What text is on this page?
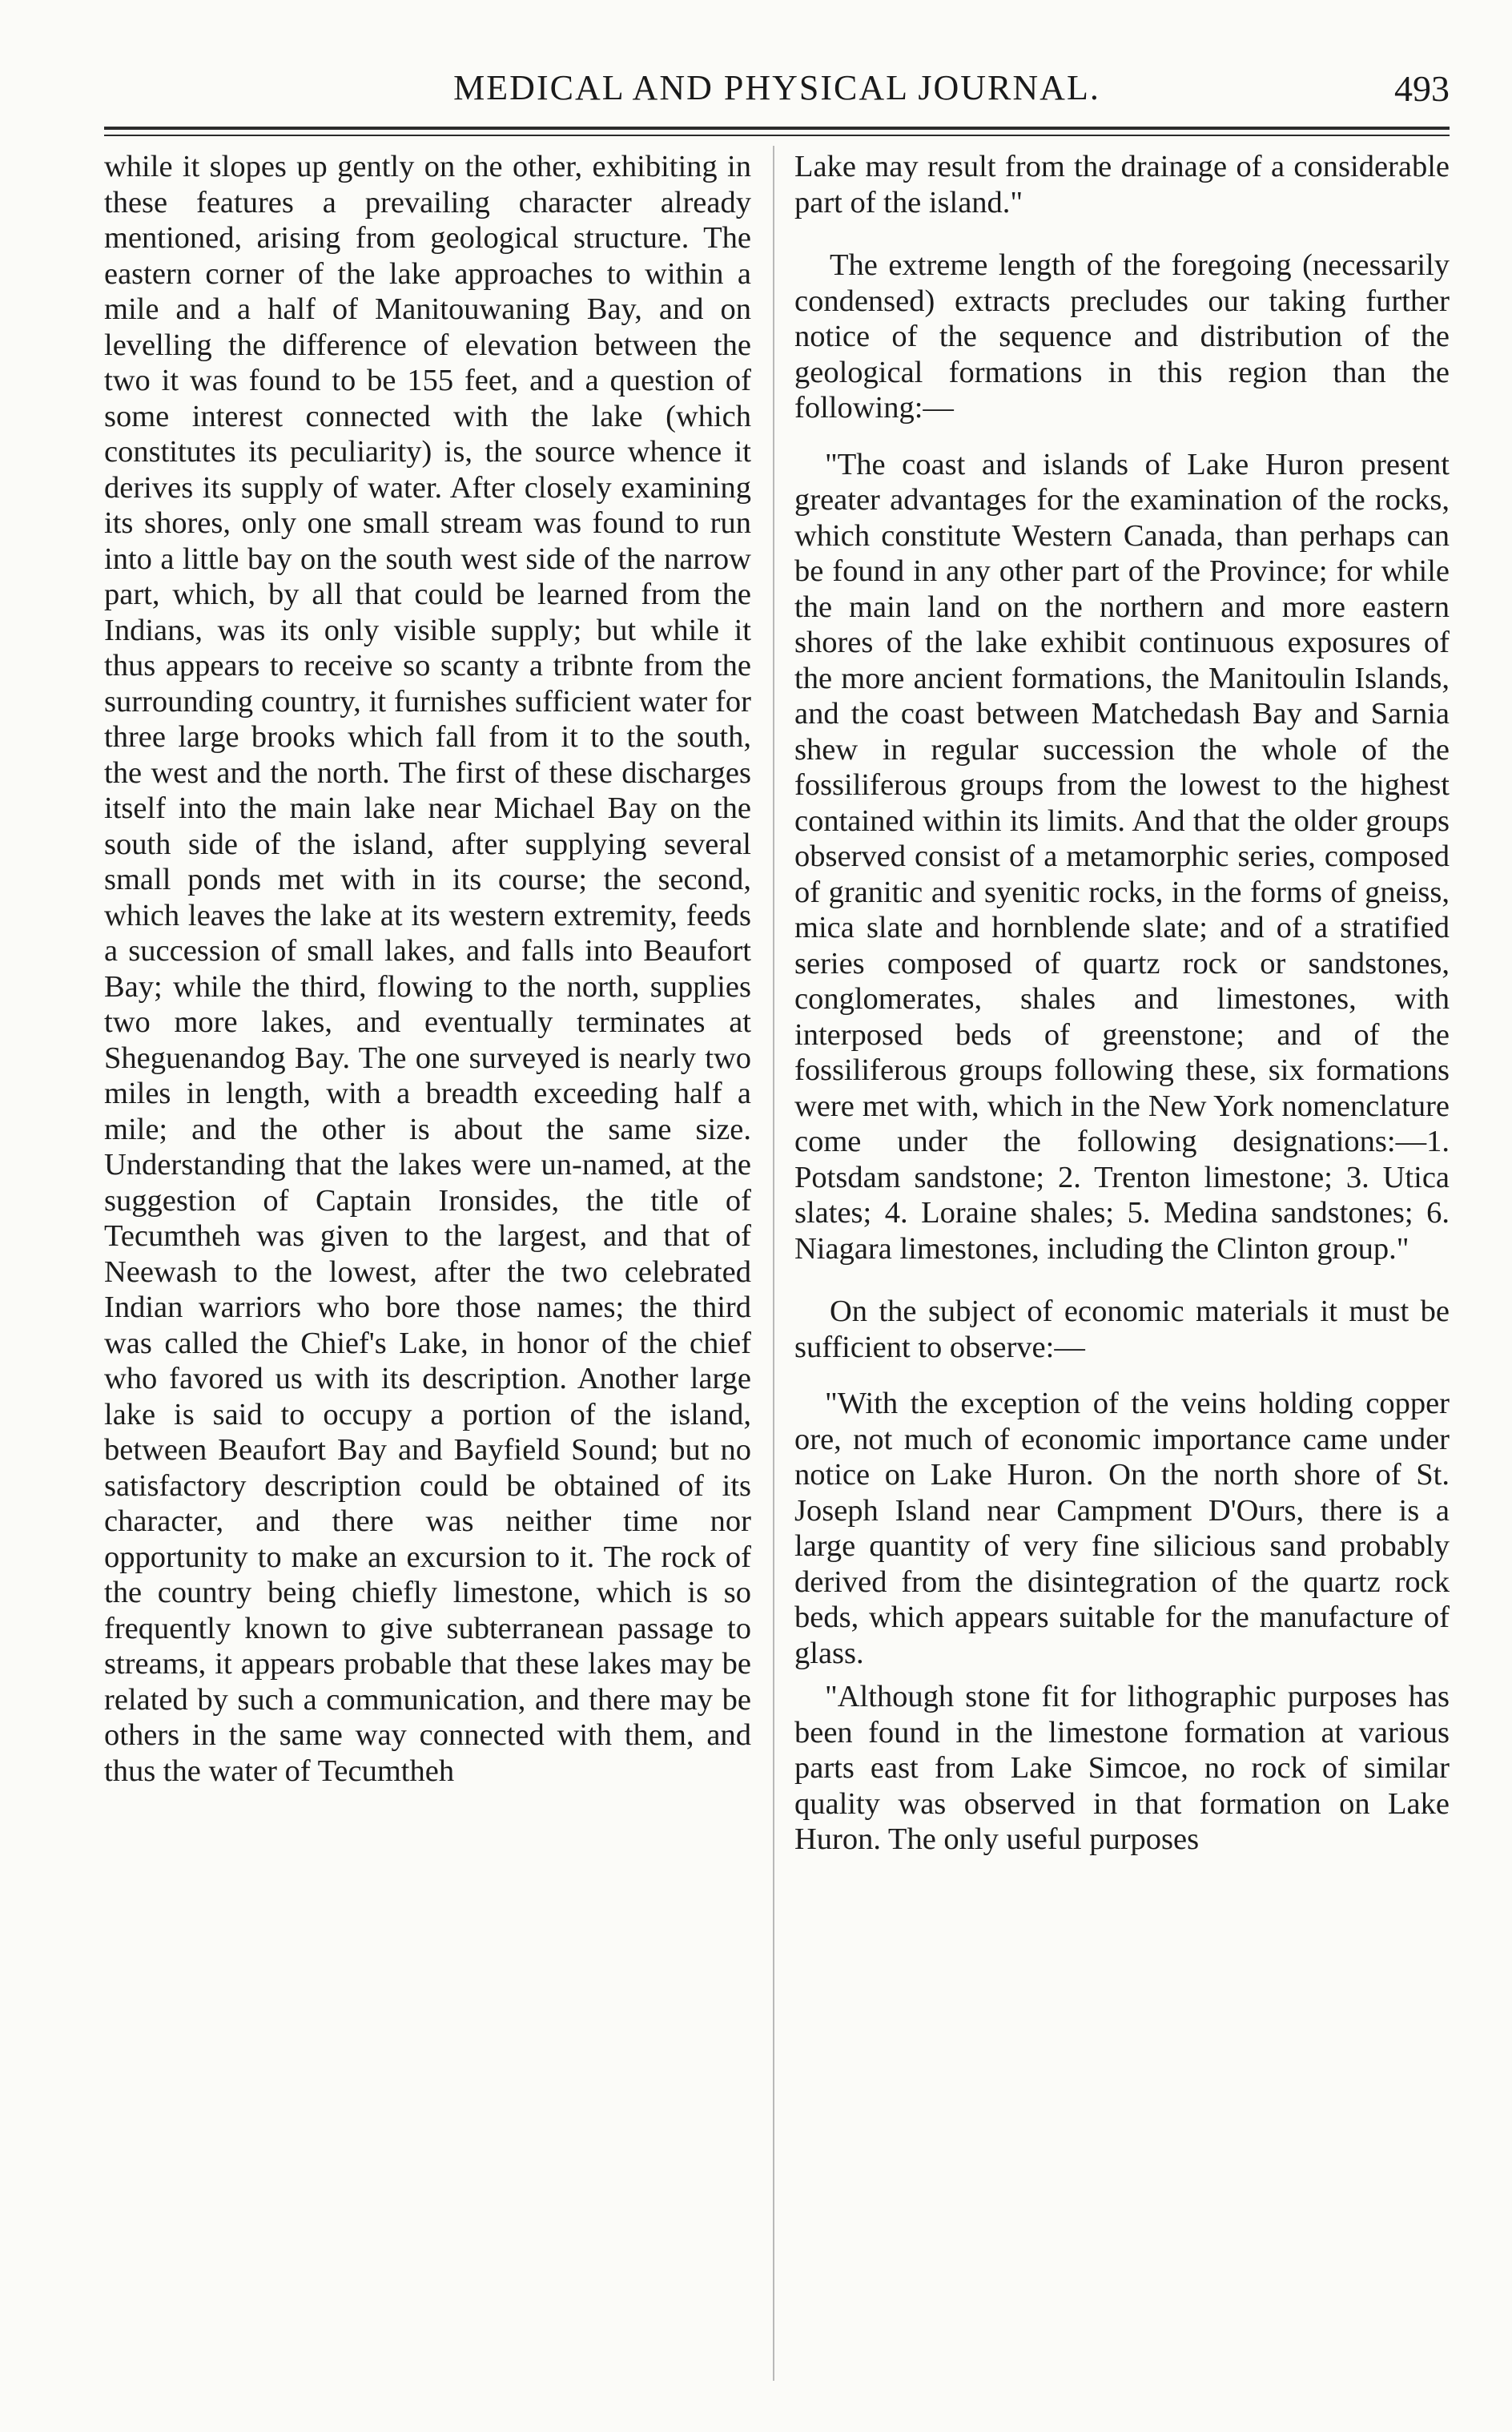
MEDICAL AND PHYSICAL JOURNAL.	493

while it slopes up gently on the other, exhibiting in these features a prevailing character already mentioned, arising from geological structure. The eastern corner of the lake approaches to within a mile and a half of Manitouwaning Bay, and on levelling the difference of elevation between the two it was found to be 155 feet, and a question of some interest connected with the lake (which constitutes its peculiarity) is, the source whence it derives its supply of water. After closely examining its shores, only one small stream was found to run into a little bay on the south west side of the narrow part, which, by all that could be learned from the Indians, was its only visible supply; but while it thus appears to receive so scanty a tribnte from the surrounding country, it furnishes sufficient water for three large brooks which fall from it to the south, the west and the north. The first of these discharges itself into the main lake near Michael Bay on the south side of the island, after supplying several small ponds met with in its course; the second, which leaves the lake at its western extremity, feeds a succession of small lakes, and falls into Beaufort Bay; while the third, flowing to the north, supplies two more lakes, and eventually terminates at Sheguenandog Bay. The one surveyed is nearly two miles in length, with a breadth exceeding half a mile; and the other is about the same size. Understanding that the lakes were un-named, at the suggestion of Captain Ironsides, the title of Tecumtheh was given to the largest, and that of Neewash to the lowest, after the two celebrated Indian warriors who bore those names; the third was called the Chief's Lake, in honor of the chief who favored us with its description. Another large lake is said to occupy a portion of the island, between Beaufort Bay and Bayfield Sound; but no satisfactory description could be obtained of its character, and there was neither time nor opportunity to make an excursion to it. The rock of the country being chiefly limestone, which is so frequently known to give subterranean passage to streams, it appears probable that these lakes may be related by such a communication, and there may be others in the same way connected with them, and thus the water of Tecumtheh

Lake may result from the drainage of a considerable part of the island."

The extreme length of the foregoing (necessarily condensed) extracts precludes our taking further notice of the sequence and distribution of the geological formations in this region than the following:—

"The coast and islands of Lake Huron present greater advantages for the examination of the rocks, which constitute Western Canada, than perhaps can be found in any other part of the Province; for while the main land on the northern and more eastern shores of the lake exhibit continuous exposures of the more ancient formations, the Manitoulin Islands, and the coast between Matchedash Bay and Sarnia shew in regular succession the whole of the fossiliferous groups from the lowest to the highest contained within its limits. And that the older groups observed consist of a metamorphic series, composed of granitic and syenitic rocks, in the forms of gneiss, mica slate and hornblende slate; and of a stratified series composed of quartz rock or sandstones, conglomerates, shales and limestones, with interposed beds of greenstone; and of the fossiliferous groups following these, six formations were met with, which in the New York nomenclature come under the following designations:—1. Potsdam sandstone; 2. Trenton limestone; 3. Utica slates; 4. Loraine shales; 5. Medina sandstones; 6. Niagara limestones, including the Clinton group."

On the subject of economic materials it must be sufficient to observe:—

"With the exception of the veins holding copper ore, not much of economic importance came under notice on Lake Huron. On the north shore of St. Joseph Island near Campment D'Ours, there is a large quantity of very fine silicious sand probably derived from the disintegration of the quartz rock beds, which appears suitable for the manufacture of glass.

"Although stone fit for lithographic purposes has been found in the limestone formation at various parts east from Lake Simcoe, no rock of similar quality was observed in that formation on Lake Huron. The only useful purposes
